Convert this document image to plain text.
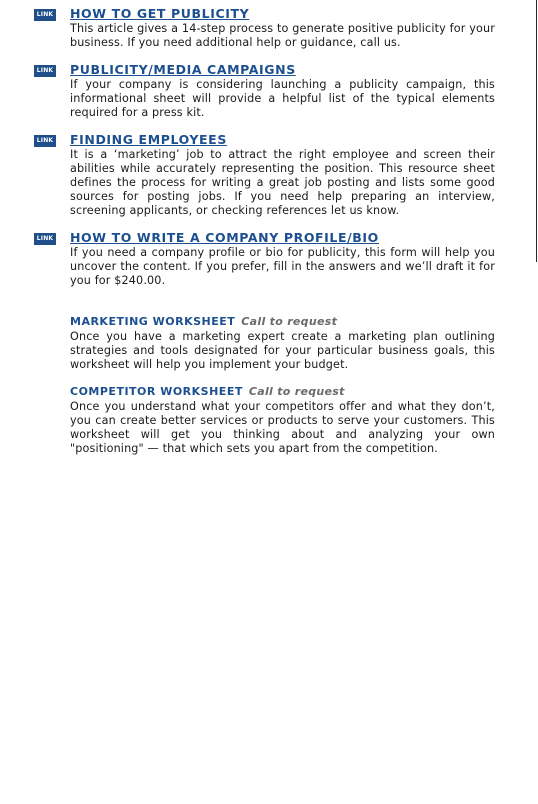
LINK HOW TO GET PUBLICITY

This article gives a 14-step process to generate positive publicity for your business. If you need additional help or guidance, call us.

LINK PUBLICITY/MEDIA CAMPAIGNS

If your company is considering launching a publicity campaign, this informational sheet will provide a helpful list of the typical elements required for a press kit.

LINK FINDING EMPLOYEES

It is a ‘marketing’ job to attract the right employee and screen their abilities while accurately representing the position. This resource sheet defines the process for writing a great job posting and lists some good sources for posting jobs. If you need help preparing an interview, screening applicants, or checking references let us know.

LINK HOW TO WRITE A COMPANY PROFILE/BIO

If you need a company profile or bio for publicity, this form will help you uncover the content. If you prefer, fill in the answers and we’ll draft it for you for $240.00.

MARKETING WORKSHEET Call to request

Once you have a marketing expert create a marketing plan outlining strategies and tools designated for your particular business goals, this worksheet will help you implement your budget.

COMPETITOR WORKSHEET Call to request

Once you understand what your competitors offer and what they don’t, you can create better services or products to serve your customers. This worksheet will get you thinking about and analyzing your own "positioning" — that which sets you apart from the competition.
